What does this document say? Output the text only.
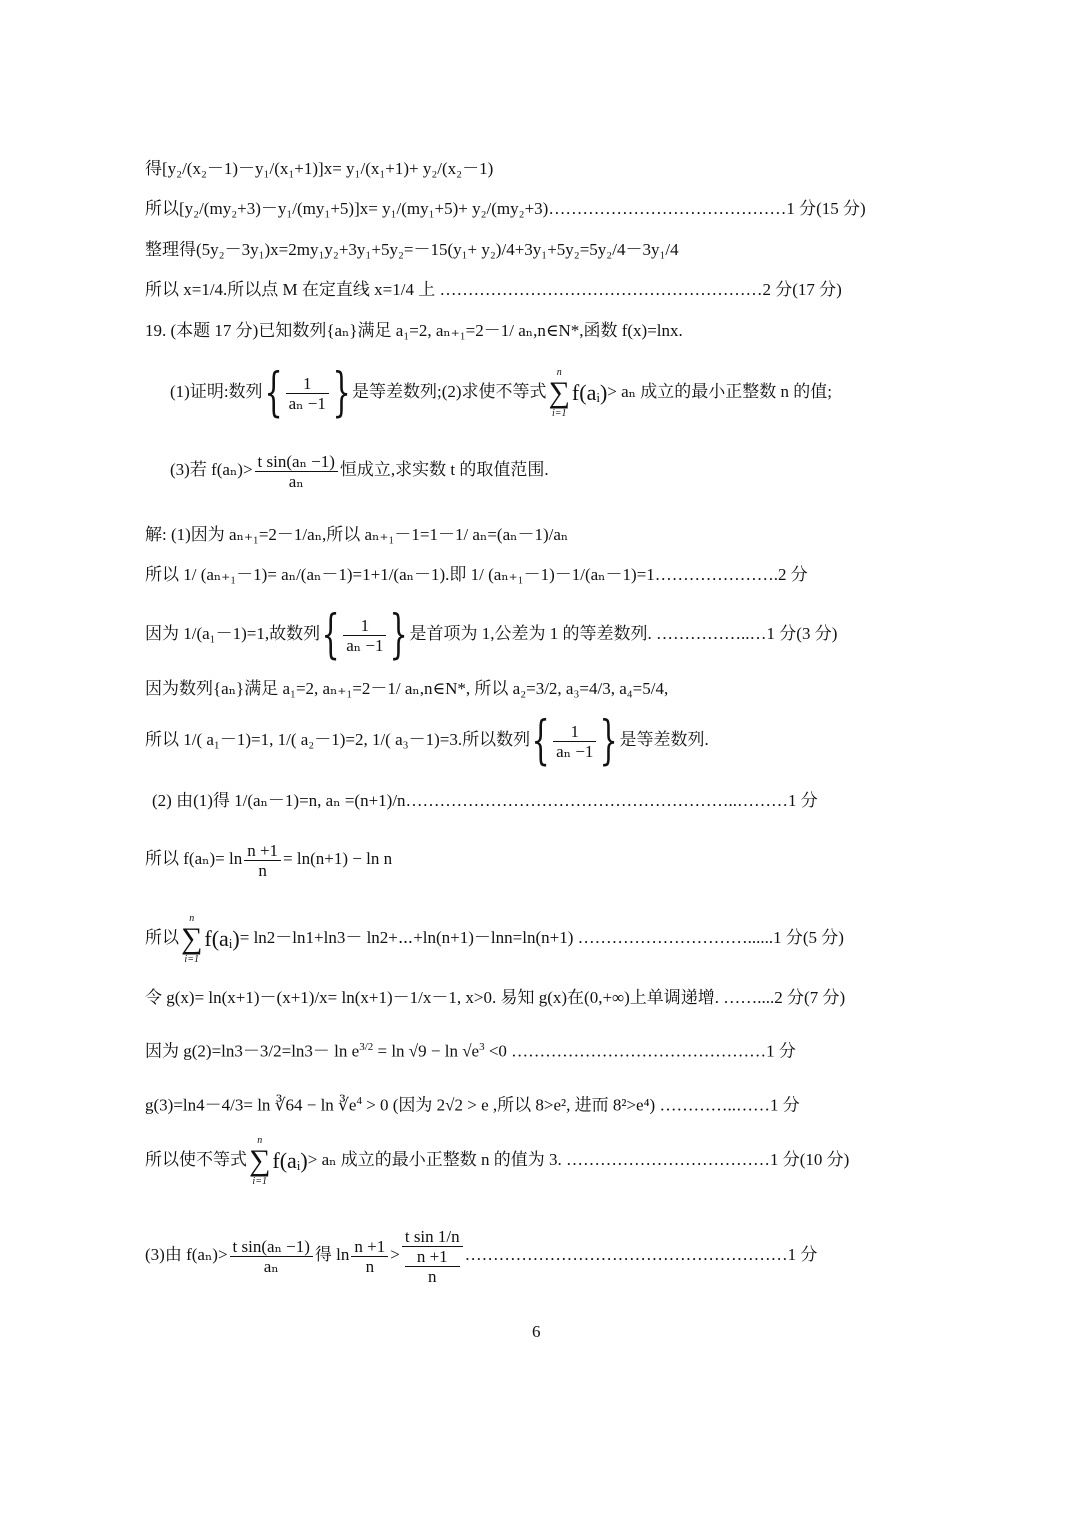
得[y₂/(x₂－1)－y₁/(x₁+1)]x= y₁/(x₁+1)+ y₂/(x₂－1)
所以[y₂/(my₂+3)－y₁/(my₁+5)]x= y₁/(my₁+5)+ y₂/(my₂+3)……………………………………1 分(15 分)
整理得(5y₂－3y₁)x=2my₁y₂+3y₁+5y₂=－15(y₁+ y₂)/4+3y₁+5y₂=5y₂/4－3y₁/4
所以 x=1/4.所以点 M 在定直线 x=1/4 上 …………………………………………………2 分(17 分)
19. (本题 17 分)已知数列{aₙ}满足 a₁=2, aₙ₊₁=2－1/ aₙ,n∈N*,函数 f(x)=lnx.
(1)证明:数列{ $\frac{1}{\text{aₙ −1}}$ }是等差数列;(2)求使不等式
n
∑
i=1
f(aᵢ)> aₙ 成立的最小正整数 n 的值;
(3)若 $f(a_n)> \frac{\text{t sin(aₙ −1)}}{\text{aₙ}}$ 恒成立,求实数 t 的取值范围.
解: (1)因为 aₙ₊₁=2－1/aₙ,所以 aₙ₊₁－1=1－1/ aₙ=(aₙ－1)/aₙ
所以 1/ (aₙ₊₁－1)= aₙ/(aₙ－1)=1+1/(aₙ－1).即 1/ (aₙ₊₁－1)－1/(aₙ－1)=1………………….2 分
因为 1/(a₁－1)=1,故数列{ $\frac{1}{\text{aₙ −1}}$ }是首项为 1,公差为 1 的等差数列. ……………..…1 分(3 分)
因为数列{aₙ}满足 a₁=2, aₙ₊₁=2－1/ aₙ,n∈N*, 所以 a₂=3/2, a₃=4/3, a₄=5/4,
所以 1/( a₁－1)=1, 1/( a₂－1)=2, 1/( a₃－1)=3.所以数列{ $\frac{1}{\text{aₙ −1}}$ }是等差数列.
(2) 由(1)得 1/(aₙ－1)=n, aₙ =(n+1)/n…………………………………………………..………1 分
所以 $f(a_n)= \ln \frac{n +1}{n} = \ln(n+1) - \ln n$
所以
n
∑
i=1
f(aᵢ)= ln2－ln1+ln3－ ln2+⋯+ln(n+1)－lnn=ln(n+1) …………………………......1 分(5 分)
令 g(x)= ln(x+1)－(x+1)/x= ln(x+1)－1/x－1, x>0. 易知 g(x)在(0,+∞)上单调递增. ……....2 分(7 分)
因为 $g(2)=\ln 3-3/2=\ln 3- \ln e^{3/2} = \ln √9 - \ln √e^3 <0$ ………………………………………1 分
g(3)=ln4－4/3= ln ∛64 − $\ln ∛e^4 > 0$ (因为 2√2 > e ,所以 8>e², 进而 8²>e⁴) …………..……1 分
所以使不等式
n
∑
i=1
f(aᵢ)> aₙ 成立的最小正整数 n 的值为 3. ………………………………1 分(10 分)
(3)由 $f(a_n)> \frac{\text{t sin(aₙ −1)}}{\text{aₙ}}$ 得 $\ln \frac{n +1}{n} > t$ sin 1/n
n +1
n …………………………………………………1 分
6
